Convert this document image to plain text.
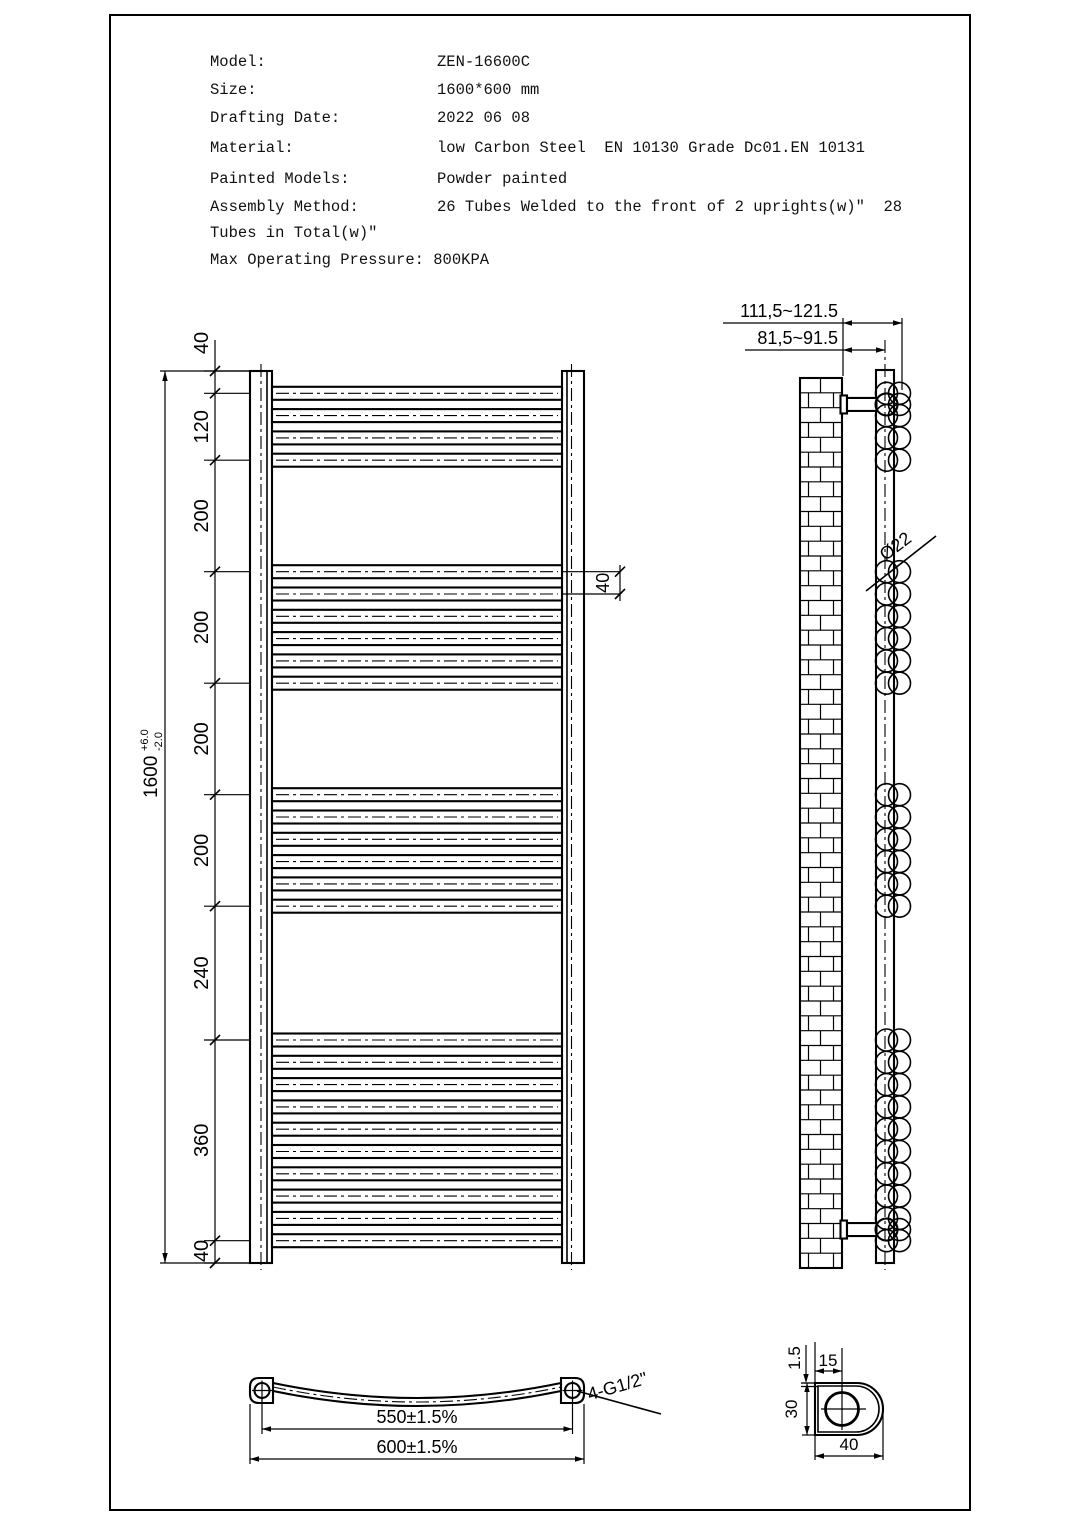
Model:	ZEN-16600C
Size:	1600*600 mm
Drafting Date:	2022 06 08
Material:	low Carbon Steel  EN 10130 Grade Dc01.EN 10131
Painted Models:	Powder painted
Assembly Method:	26 Tubes Welded to the front of 2 uprights(w)″  28
Tubes in Total(w)″
Max Operating Pressure: 800KPA
40
120
200
200
200
200
240
360
40
1600
+6.0 -2.0
40
111,5~121.5
81,5~91.5
Ø22
550±1.5%
600±1.5%
4-G1/2"
1.5 15
30
40
